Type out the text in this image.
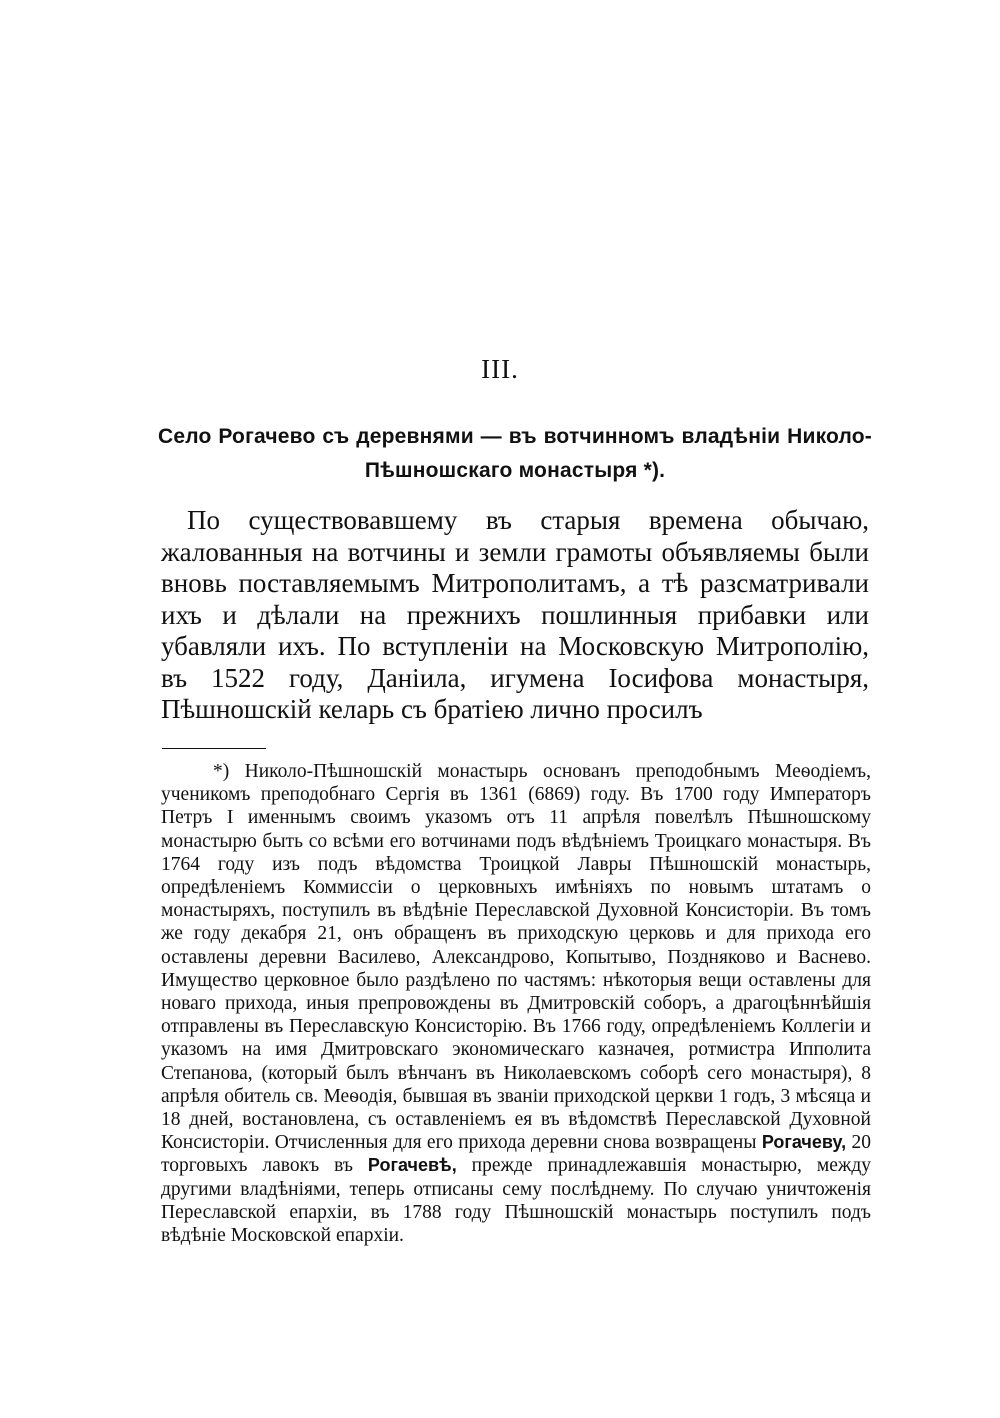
III.
Село Рогачево съ деревнями — въ вотчинномъ владѣніи Николо-Пѣшношскаго монастыря *).

По существовавшему въ старыя времена обычаю, жалованныя на вотчины и земли грамоты объявляемы были вновь поставляемымъ Митрополитамъ, а тѣ разсматривали ихъ и дѣлали на прежнихъ пошлинныя прибавки или убавляли ихъ. По вступленіи на Московскую Митрополію, въ 1522 году, Даніила, игумена Іосифова монастыря, Пѣшношскій келарь съ братіею лично просилъ

*) Николо-Пѣшношскій монастырь основанъ преподобнымъ Меѳодіемъ, ученикомъ преподобнаго Сергія въ 1361 (6869) году. Въ 1700 году Императоръ Петръ I именнымъ своимъ указомъ отъ 11 апрѣля повелѣлъ Пѣшношскому монастырю быть со всѣми его вотчинами подъ вѣдѣніемъ Троицкаго монастыря. Въ 1764 году изъ подъ вѣдомства Троицкой Лавры Пѣшношскій монастырь, опредѣленіемъ Коммиссіи о церковныхъ имѣніяхъ по новымъ штатамъ о монастыряхъ, поступилъ въ вѣдѣніе Переславской Духовной Консисторіи. Въ томъ же году декабря 21, онъ обращенъ въ приходскую церковь и для прихода его оставлены деревни Василево, Александрово, Копытыво, Поздняково и Васнево. Имущество церковное было раздѣлено по частямъ: нѣкоторыя вещи оставлены для новаго прихода, иныя препровождены въ Дмитровскій соборъ, а драгоцѣннѣйшія отправлены въ Переславскую Консисторію. Въ 1766 году, опредѣленіемъ Коллегіи и указомъ на имя Дмитровскаго экономическаго казначея, ротмистра Ипполита Степанова, (который былъ вѣнчанъ въ Николаевскомъ соборѣ сего монастыря), 8 апрѣля обитель св. Меѳодія, бывшая въ званіи приходской церкви 1 годъ, 3 мѣсяца и 18 дней, востановлена, съ оставленіемъ ея въ вѣдомствѣ Переславской Духовной Консисторіи. Отчисленныя для его прихода деревни снова возвращены Рогачеву, 20 торговыхъ лавокъ въ Рогачевѣ, прежде принадлежавшія монастырю, между другими владѣніями, теперь отписаны сему послѣднему. По случаю уничтоженія Переславской епархіи, въ 1788 году Пѣшношскій монастырь поступилъ подъ вѣдѣніе Московской епархіи.
